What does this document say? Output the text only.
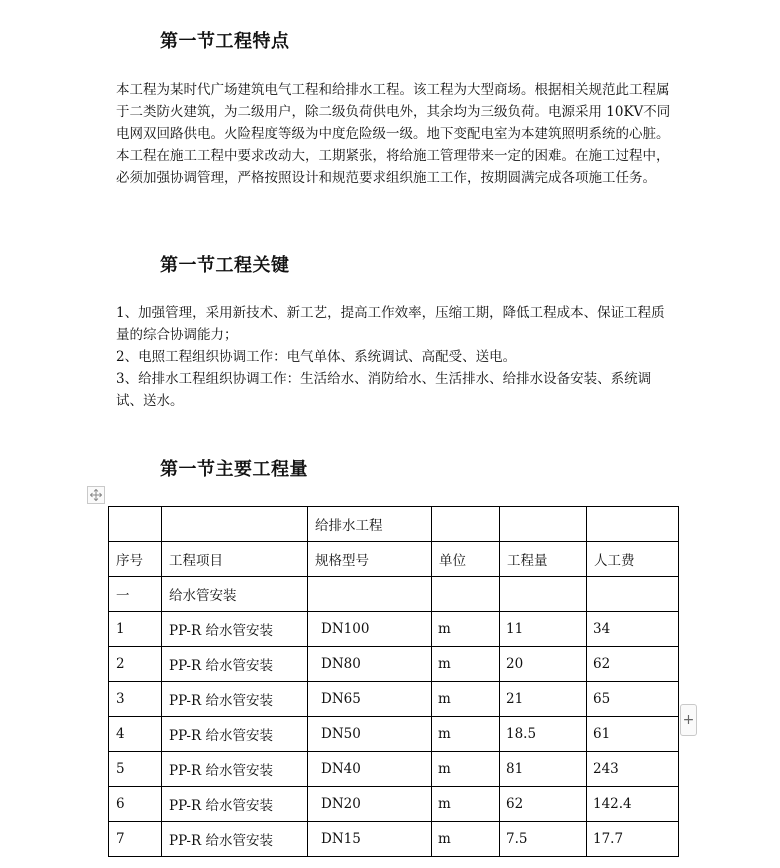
第一节工程特点

本工程为某时代广场建筑电气工程和给排水工程。该工程为大型商场。根据相关规范此工程属于二类防火建筑，为二级用户，除二级负荷供电外，其余均为三级负荷。电源采用 10KV不同电网双回路供电。火险程度等级为中度危险级一级。地下变配电室为本建筑照明系统的心脏。本工程在施工工程中要求改动大，工期紧张，将给施工管理带来一定的困难。在施工过程中，必须加强协调管理，严格按照设计和规范要求组织施工工作，按期圆满完成各项施工任务。

第一节工程关键
1、加强管理，采用新技术、新工艺，提高工作效率，压缩工期，降低工程成本、保证工程质量的综合协调能力；
2、电照工程组织协调工作：电气单体、系统调试、高配受、送电。
3、给排水工程组织协调工作：生活给水、消防给水、生活排水、给排水设备安装、系统调试、送水。
第一节主要工程量
		给排水工程			
序号	工程项目	规格型号	单位	工程量	人工费
一	给水管安装				
1	PP-R 给水管安装	DN100	m	11	34
2	PP-R 给水管安装	DN80	m	20	62
3	PP-R 给水管安装	DN65	m	21	65
4	PP-R 给水管安装	DN50	m	18.5	61
5	PP-R 给水管安装	DN40	m	81	243
6	PP-R 给水管安装	DN20	m	62	142.4
7	PP-R 给水管安装	DN15	m	7.5	17.7
+
